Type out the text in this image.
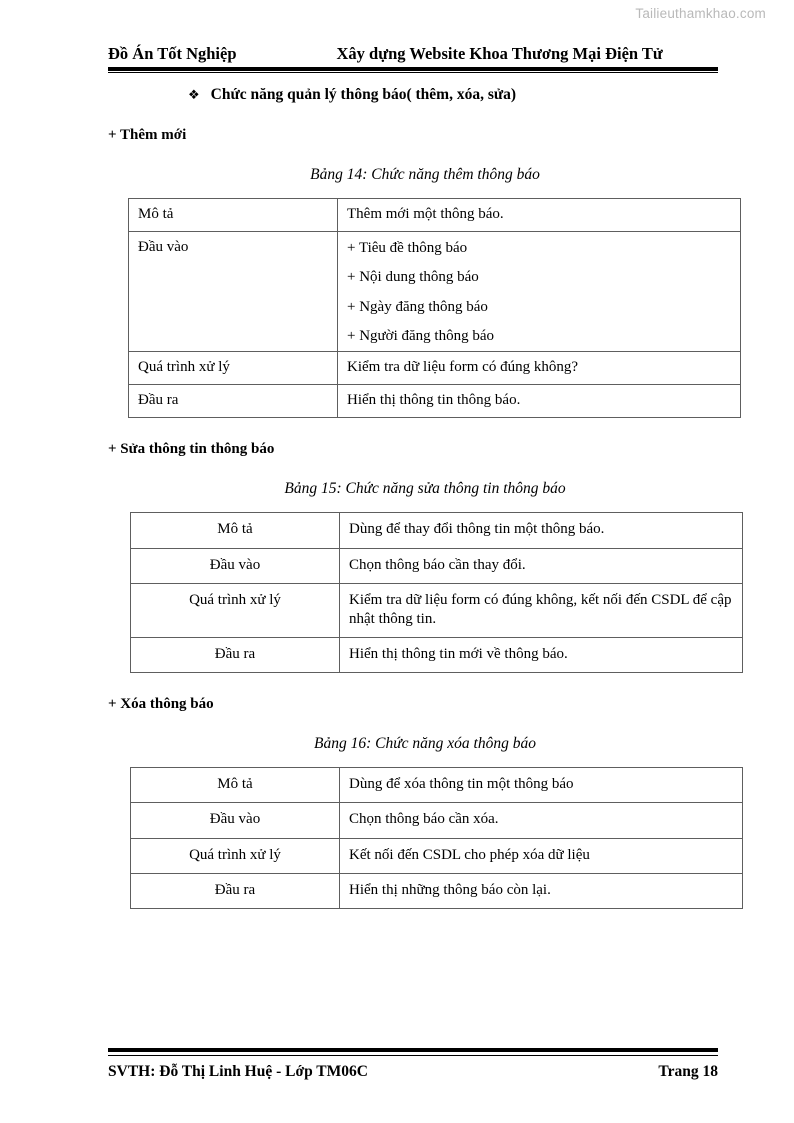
Tailieuthamkhao.com
Đồ Án Tốt Nghiệp	Xây dựng Website Khoa Thương Mại Điện Tử
❖ Chức năng quản lý thông báo( thêm, xóa, sửa)
+ Thêm mới
Bảng 14: Chức năng thêm thông báo
Mô tả	Thêm mới một thông báo.
Đầu vào	+ Tiêu đề thông báo

+ Nội dung thông báo

+ Ngày đăng thông báo

+ Người đăng thông báo

Quá trình xử lý	Kiểm tra dữ liệu form có đúng không?
Đầu ra	Hiển thị thông tin thông báo.
+ Sửa thông tin thông báo
Bảng 15: Chức năng sửa thông tin thông báo
Mô tả	Dùng để thay đổi thông tin một thông báo.
Đầu vào	Chọn thông báo cần thay đổi.
Quá trình xử lý	Kiểm tra dữ liệu form có đúng không, kết nối đến CSDL để cập nhật thông tin.
Đầu ra	Hiển thị thông tin mới về thông báo.
+ Xóa thông báo
Bảng 16: Chức năng xóa thông báo
Mô tả	Dùng để xóa thông tin một thông báo
Đầu vào	Chọn thông báo cần xóa.
Quá trình xử lý	Kết nối đến CSDL cho phép xóa dữ liệu
Đầu ra	Hiển thị những thông báo còn lại.
SVTH: Đỗ Thị Linh Huệ - Lớp TM06C	Trang 18
